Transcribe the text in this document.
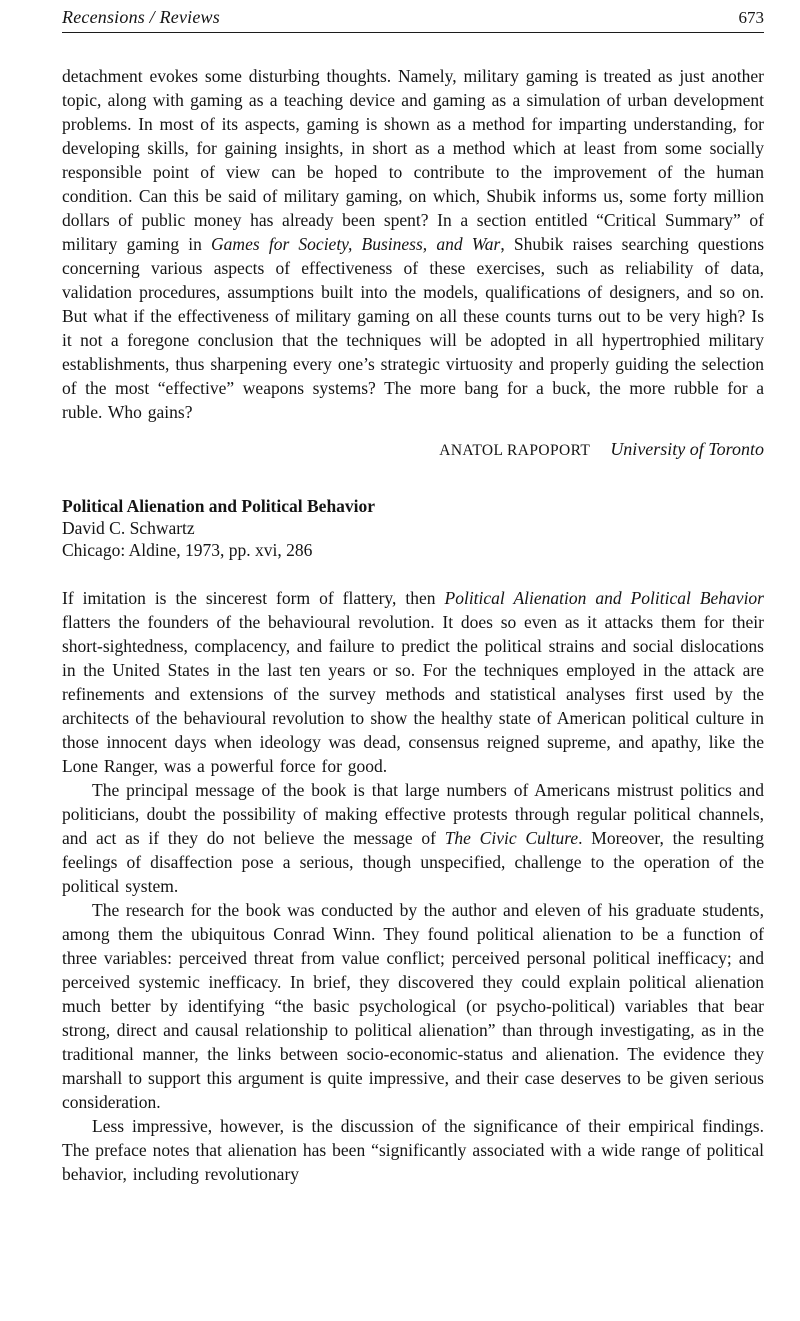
Recensions / Reviews	673

detachment evokes some disturbing thoughts. Namely, military gaming is treated as just another topic, along with gaming as a teaching device and gaming as a simulation of urban development problems. In most of its aspects, gaming is shown as a method for imparting understanding, for developing skills, for gaining insights, in short as a method which at least from some socially responsible point of view can be hoped to contribute to the improvement of the human condition. Can this be said of military gaming, on which, Shubik informs us, some forty million dollars of public money has already been spent? In a section entitled “Critical Summary” of military gaming in Games for Society, Business, and War, Shubik raises searching questions concerning various aspects of effectiveness of these exercises, such as reliability of data, validation procedures, assumptions built into the models, qualifications of designers, and so on. But what if the effectiveness of military gaming on all these counts turns out to be very high? Is it not a foregone conclusion that the techniques will be adopted in all hypertrophied military establishments, thus sharpening every one’s strategic virtuosity and properly guiding the selection of the most “effective” weapons systems? The more bang for a buck, the more rubble for a ruble. Who gains?

ANATOL RAPOPORT University of Toronto

Political Alienation and Political Behavior

David C. Schwartz

Chicago: Aldine, 1973, pp. xvi, 286

If imitation is the sincerest form of flattery, then Political Alienation and Political Behavior flatters the founders of the behavioural revolution. It does so even as it attacks them for their short-sightedness, complacency, and failure to predict the political strains and social dislocations in the United States in the last ten years or so. For the techniques employed in the attack are refinements and extensions of the survey methods and statistical analyses first used by the architects of the behavioural revolution to show the healthy state of American political culture in those innocent days when ideology was dead, consensus reigned supreme, and apathy, like the Lone Ranger, was a powerful force for good.

The principal message of the book is that large numbers of Americans mistrust politics and politicians, doubt the possibility of making effective protests through regular political channels, and act as if they do not believe the message of The Civic Culture. Moreover, the resulting feelings of disaffection pose a serious, though unspecified, challenge to the operation of the political system.

The research for the book was conducted by the author and eleven of his graduate students, among them the ubiquitous Conrad Winn. They found political alienation to be a function of three variables: perceived threat from value conflict; perceived personal political inefficacy; and perceived systemic inefficacy. In brief, they discovered they could explain political alienation much better by identifying “the basic psychological (or psycho-political) variables that bear strong, direct and causal relationship to political alienation” than through investigating, as in the traditional manner, the links between socio-economic-status and alienation. The evidence they marshall to support this argument is quite impressive, and their case deserves to be given serious consideration.

Less impressive, however, is the discussion of the significance of their empirical findings. The preface notes that alienation has been “significantly associated with a wide range of political behavior, including revolutionary
